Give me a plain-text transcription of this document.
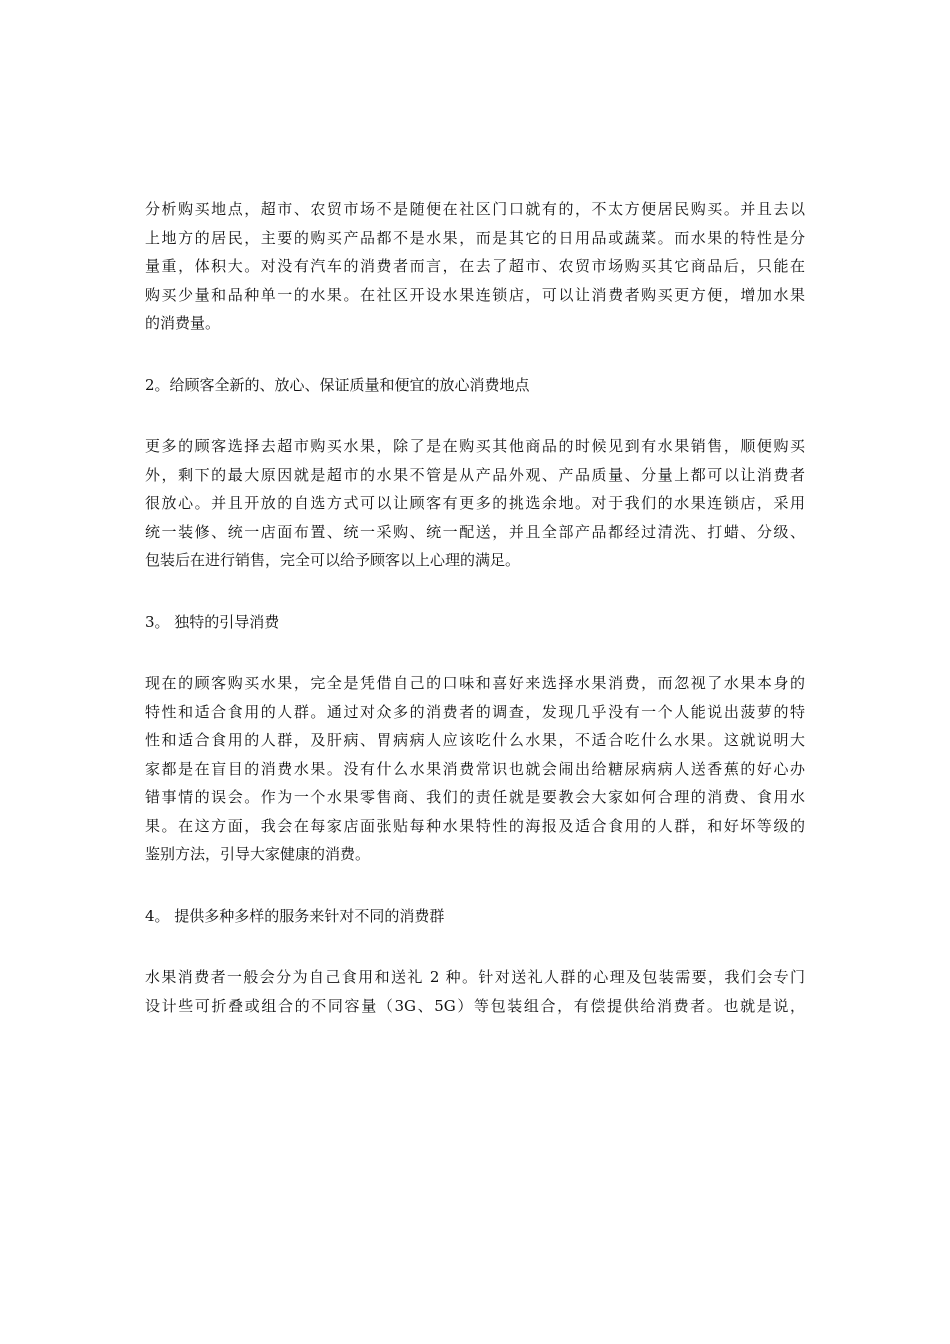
分析购买地点，超市、农贸市场不是随便在社区门口就有的，不太方便居民购买。并且去以
上地方的居民，主要的购买产品都不是水果，而是其它的日用品或蔬菜。而水果的特性是分
量重，体积大。对没有汽车的消费者而言，在去了超市、农贸市场购买其它商品后，只能在
购买少量和品种单一的水果。在社区开设水果连锁店，可以让消费者购买更方便，增加水果
的消费量。

2。给顾客全新的、放心、保证质量和便宜的放心消费地点

更多的顾客选择去超市购买水果，除了是在购买其他商品的时候见到有水果销售，顺便购买
外，剩下的最大原因就是超市的水果不管是从产品外观、产品质量、分量上都可以让消费者
很放心。并且开放的自选方式可以让顾客有更多的挑选余地。对于我们的水果连锁店，采用
统一装修、统一店面布置、统一采购、统一配送，并且全部产品都经过清洗、打蜡、分级、
包装后在进行销售，完全可以给予顾客以上心理的满足。

3。 独特的引导消费

现在的顾客购买水果，完全是凭借自己的口味和喜好来选择水果消费，而忽视了水果本身的
特性和适合食用的人群。通过对众多的消费者的调查，发现几乎没有一个人能说出菠萝的特
性和适合食用的人群，及肝病、胃病病人应该吃什么水果，不适合吃什么水果。这就说明大
家都是在盲目的消费水果。没有什么水果消费常识也就会闹出给糖尿病病人送香蕉的好心办
错事情的误会。作为一个水果零售商、我们的责任就是要教会大家如何合理的消费、食用水
果。在这方面，我会在每家店面张贴每种水果特性的海报及适合食用的人群，和好坏等级的
鉴别方法，引导大家健康的消费。

4。 提供多种多样的服务来针对不同的消费群

水果消费者一般会分为自己食用和送礼 2 种。针对送礼人群的心理及包装需要，我们会专门
设计些可折叠或组合的不同容量（3G、5G）等包装组合，有偿提供给消费者。也就是说，
